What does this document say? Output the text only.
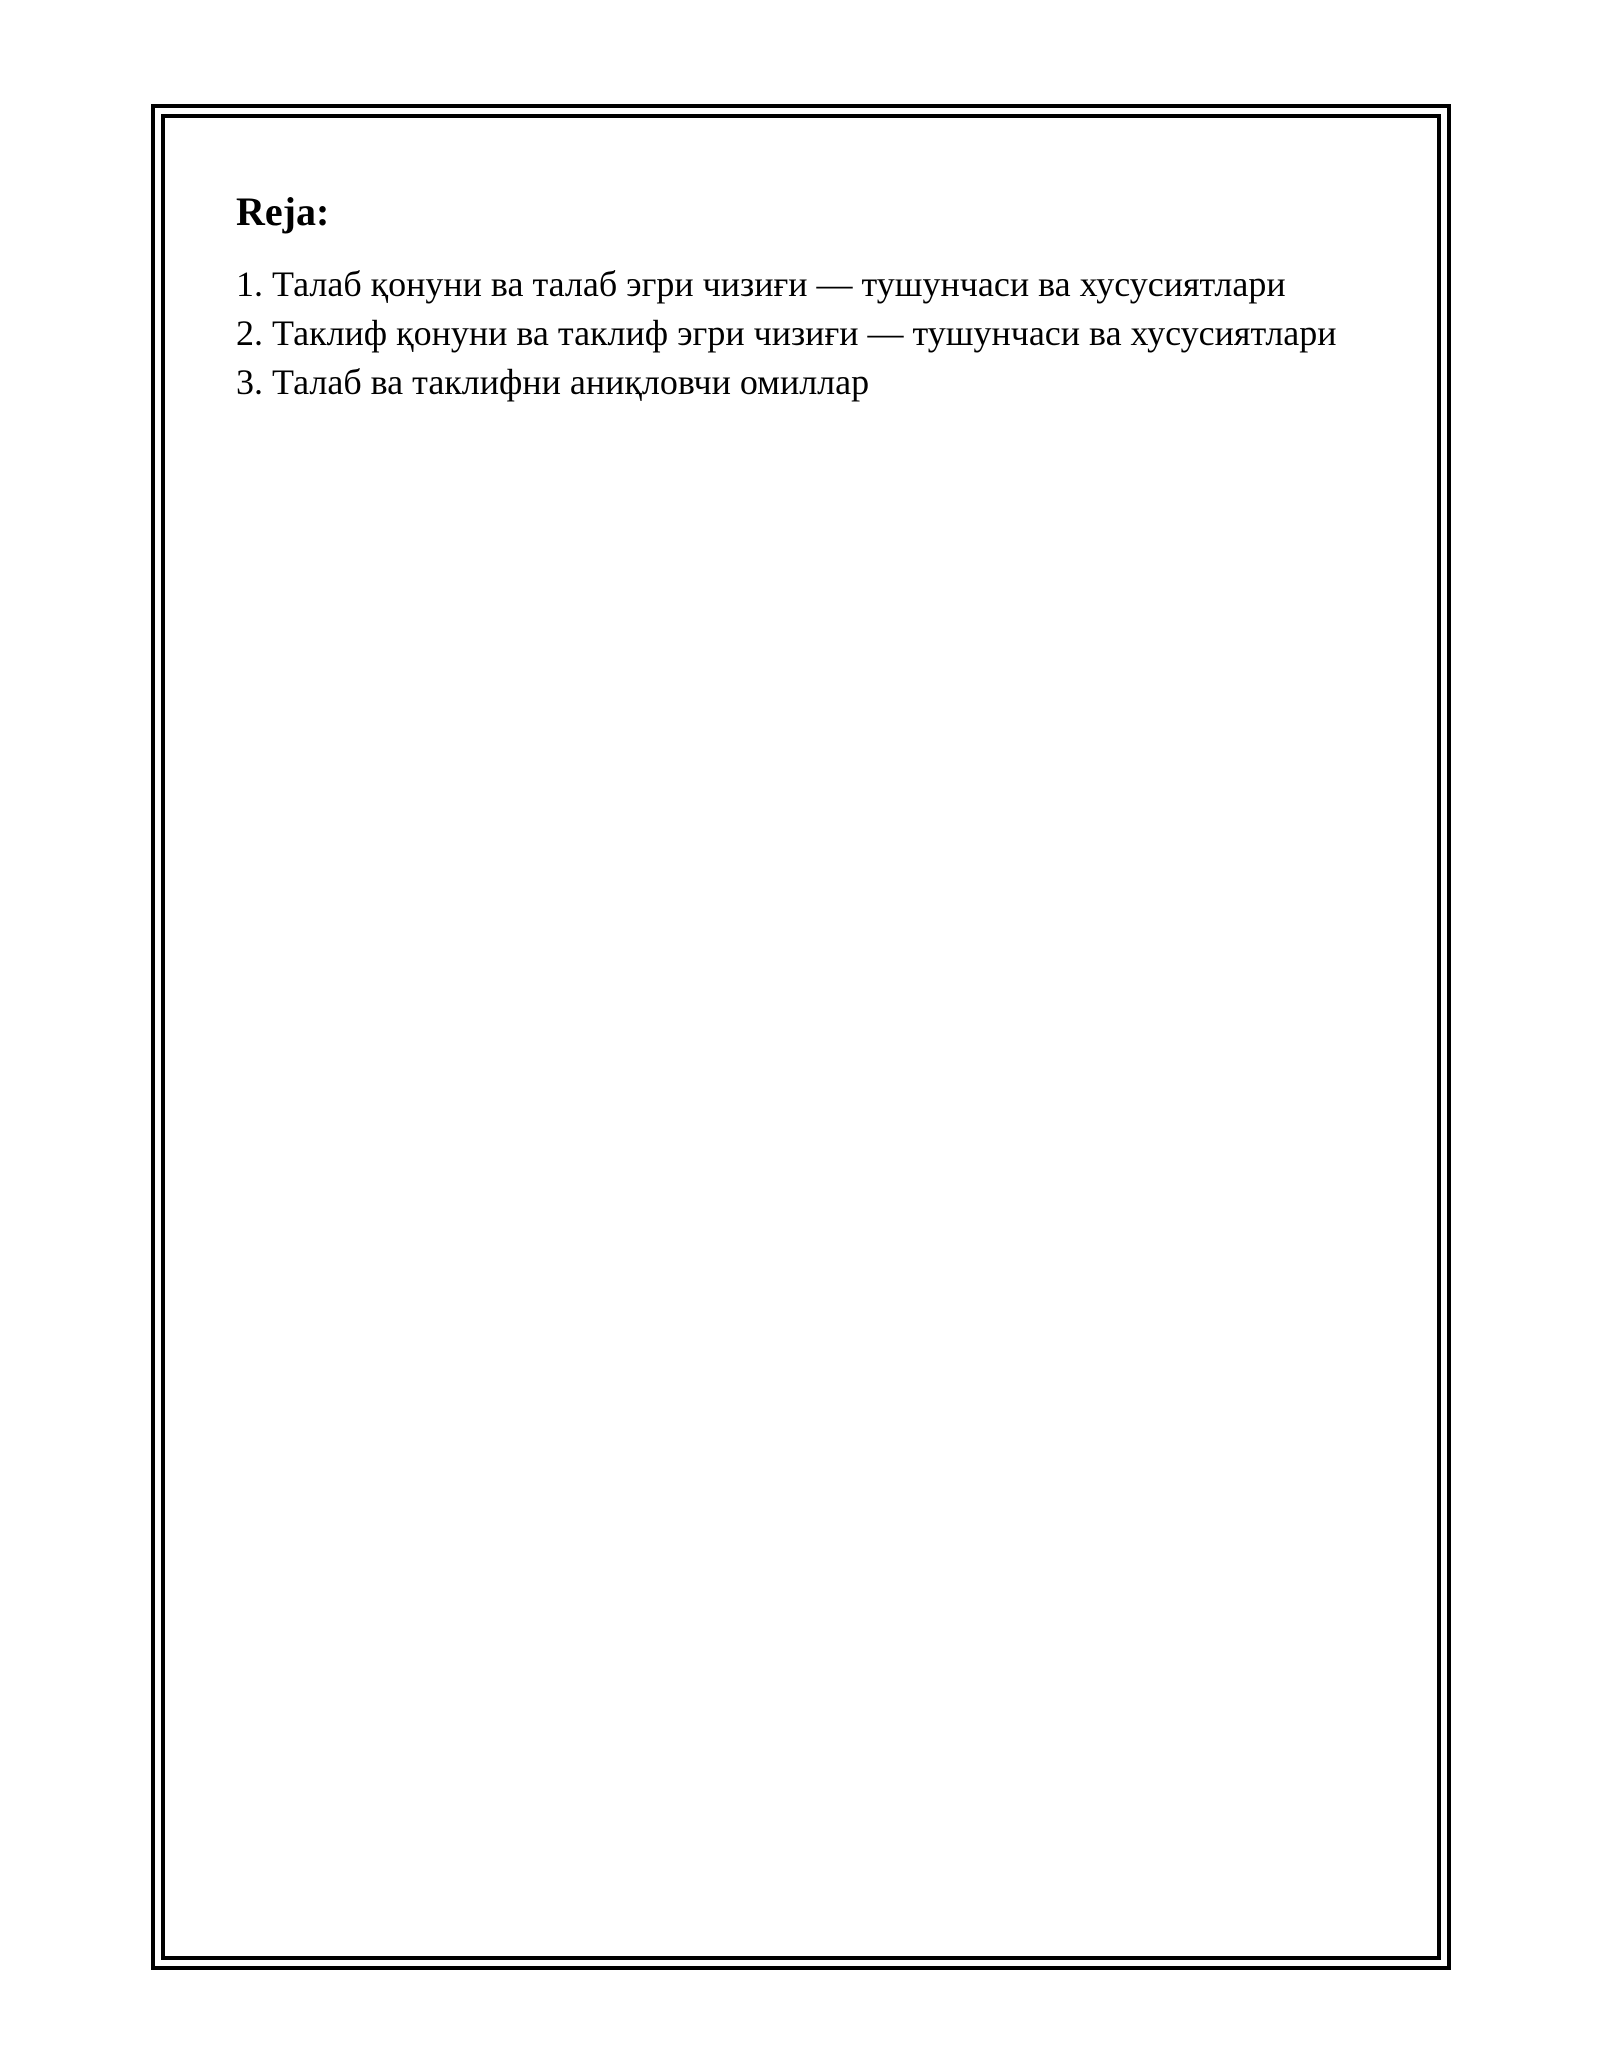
Reja:
1. Талаб қонуни ва талаб эгри чизиғи — тушунчаси ва хусусиятлари
2. Таклиф қонуни ва таклиф эгри чизиғи — тушунчаси ва хусусиятлари
3. Талаб ва таклифни аниқловчи омиллар
